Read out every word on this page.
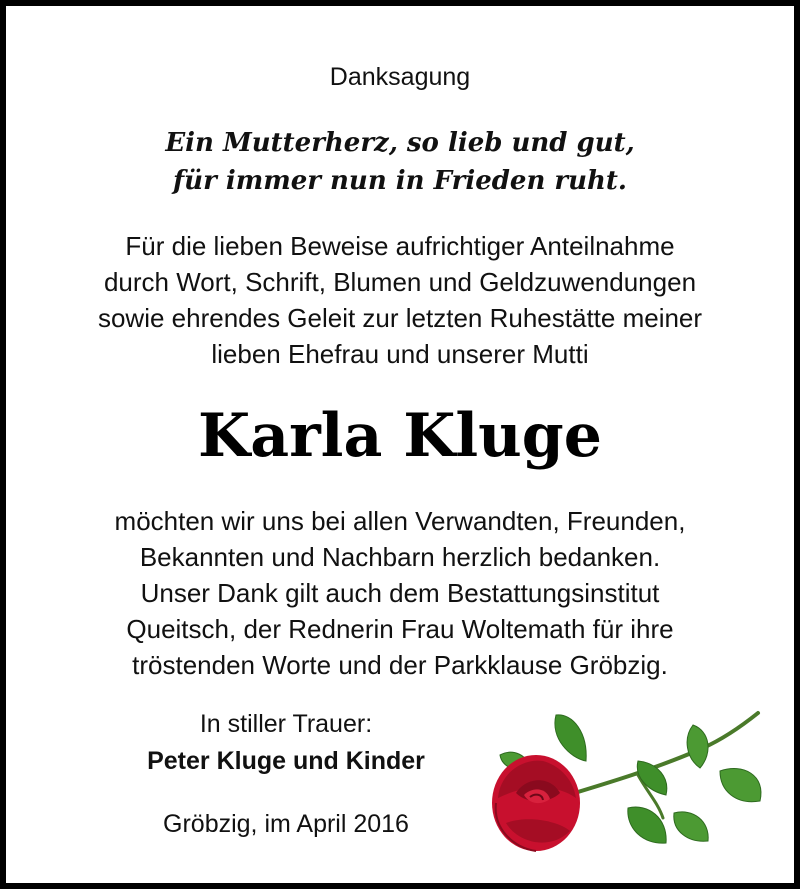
Danksagung
Ein Mutterherz, so lieb und gut,
für immer nun in Frieden ruht.
Für die lieben Beweise aufrichtiger Anteilnahme
durch Wort, Schrift, Blumen und Geldzuwendungen
sowie ehrendes Geleit zur letzten Ruhestätte meiner
lieben Ehefrau und unserer Mutti
Karla Kluge
möchten wir uns bei allen Verwandten, Freunden,
Bekannten und Nachbarn herzlich bedanken.
Unser Dank gilt auch dem Bestattungsinstitut
Queitsch, der Rednerin Frau Woltemath für ihre
tröstenden Worte und der Parkklause Gröbzig.
In stiller Trauer:
Peter Kluge und Kinder
Gröbzig, im April 2016
